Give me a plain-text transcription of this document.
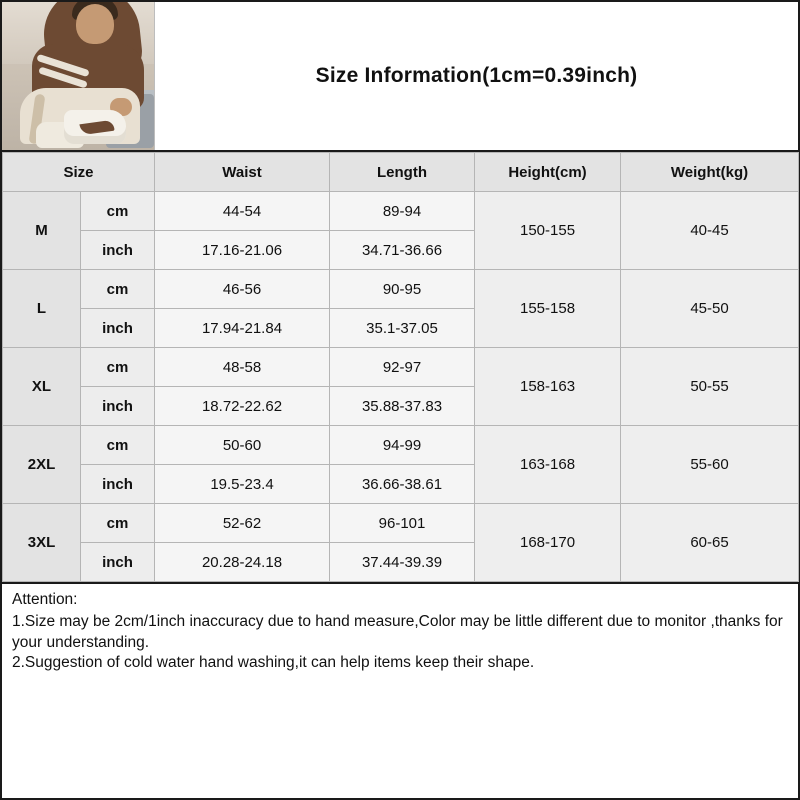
Size Information(1cm=0.39inch)
Size		Waist	Length	Height(cm)	Weight(kg)
M	cm	44-54	89-94	150-155	40-45
	inch	17.16-21.06	34.71-36.66		
L	cm	46-56	90-95	155-158	45-50
	inch	17.94-21.84	35.1-37.05		
XL	cm	48-58	92-97	158-163	50-55
	inch	18.72-22.62	35.88-37.83		
2XL	cm	50-60	94-99	163-168	55-60
	inch	19.5-23.4	36.66-38.61		
3XL	cm	52-62	96-101	168-170	60-65
	inch	20.28-24.18	37.44-39.39		

Attention:

1.Size may be 2cm/1inch inaccuracy due to hand measure,Color may be little different due to monitor ,thanks for your understanding.

2.Suggestion of cold water hand washing,it can help items keep their shape.
